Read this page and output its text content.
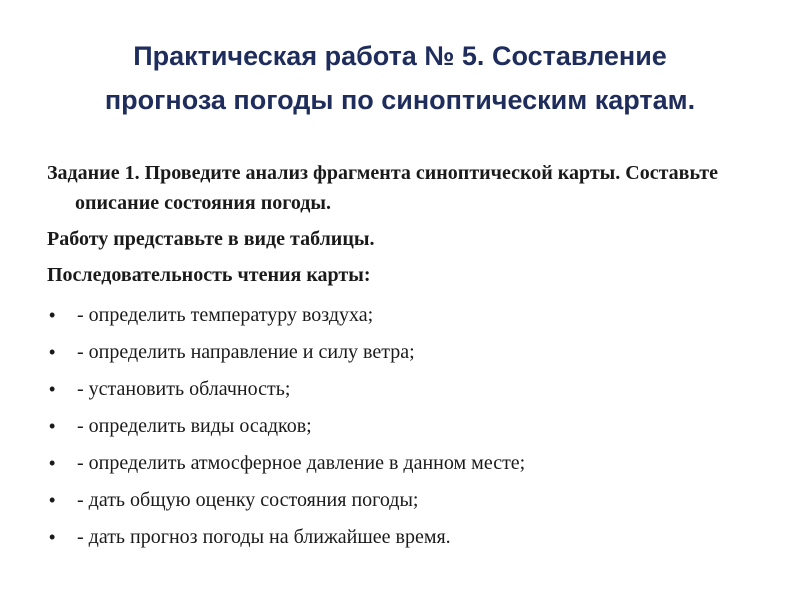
Практическая работа № 5. Составление
прогноза погоды по синоптическим картам.

Задание 1. Проведите анализ фрагмента синоптической карты. Составьте описание состояния погоды.

Работу представьте в виде таблицы.

Последовательность чтения карты:

• - определить температуру воздуха;
• - определить направление и силу ветра;
• - установить облачность;
• - определить виды осадков;
• - определить атмосферное давление в данном месте;
• - дать общую оценку состояния погоды;
• - дать прогноз погоды на ближайшее время.
